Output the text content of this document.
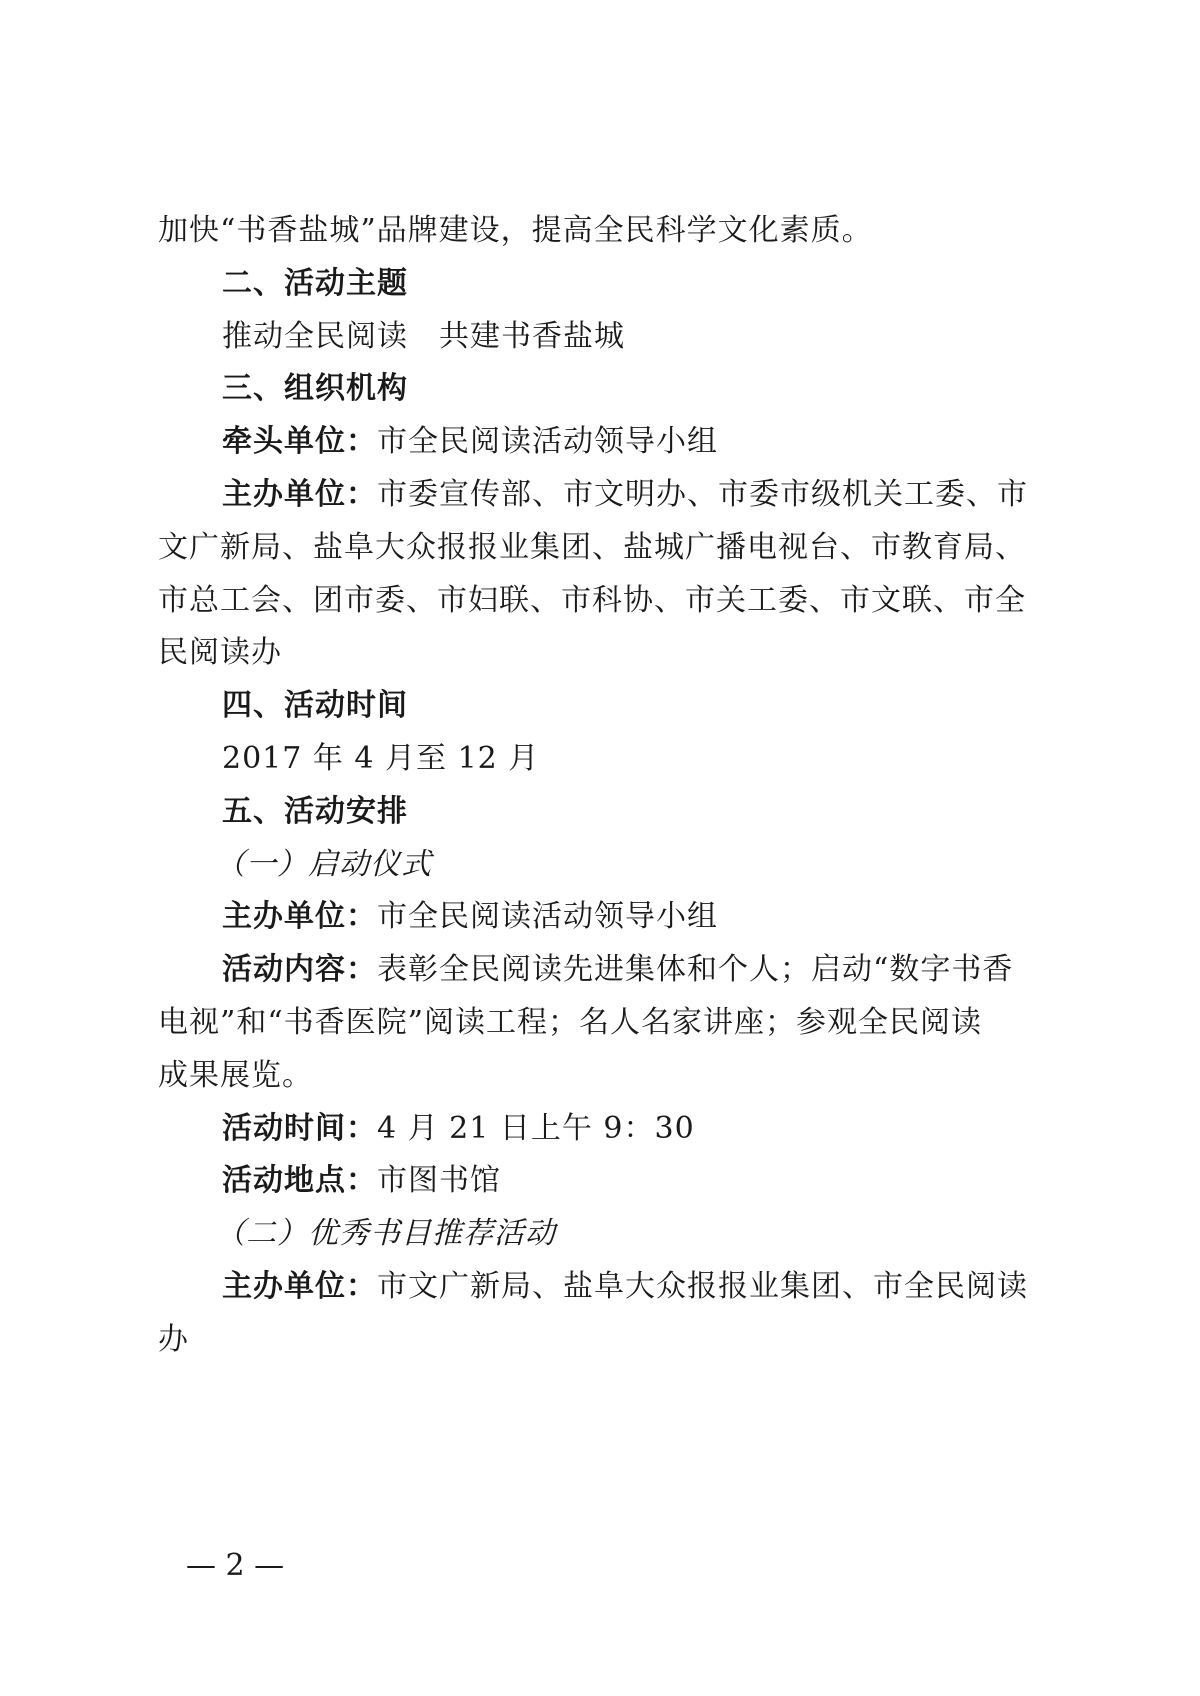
加快“书香盐城”品牌建设，提高全民科学文化素质。
二、活动主题
推动全民阅读　共建书香盐城
三、组织机构
牵头单位：市全民阅读活动领导小组
主办单位：市委宣传部、市文明办、市委市级机关工委、市
文广新局、盐阜大众报报业集团、盐城广播电视台、市教育局、
市总工会、团市委、市妇联、市科协、市关工委、市文联、市全
民阅读办
四、活动时间
2017 年 4 月至 12 月
五、活动安排
（一）启动仪式
主办单位：市全民阅读活动领导小组
活动内容：表彰全民阅读先进集体和个人；启动“数字书香
电视”和“书香医院”阅读工程；名人名家讲座；参观全民阅读
成果展览。
活动时间：4 月 21 日上午 9：30
活动地点：市图书馆
（二）优秀书目推荐活动
主办单位：市文广新局、盐阜大众报报业集团、市全民阅读
办
— 2 —
